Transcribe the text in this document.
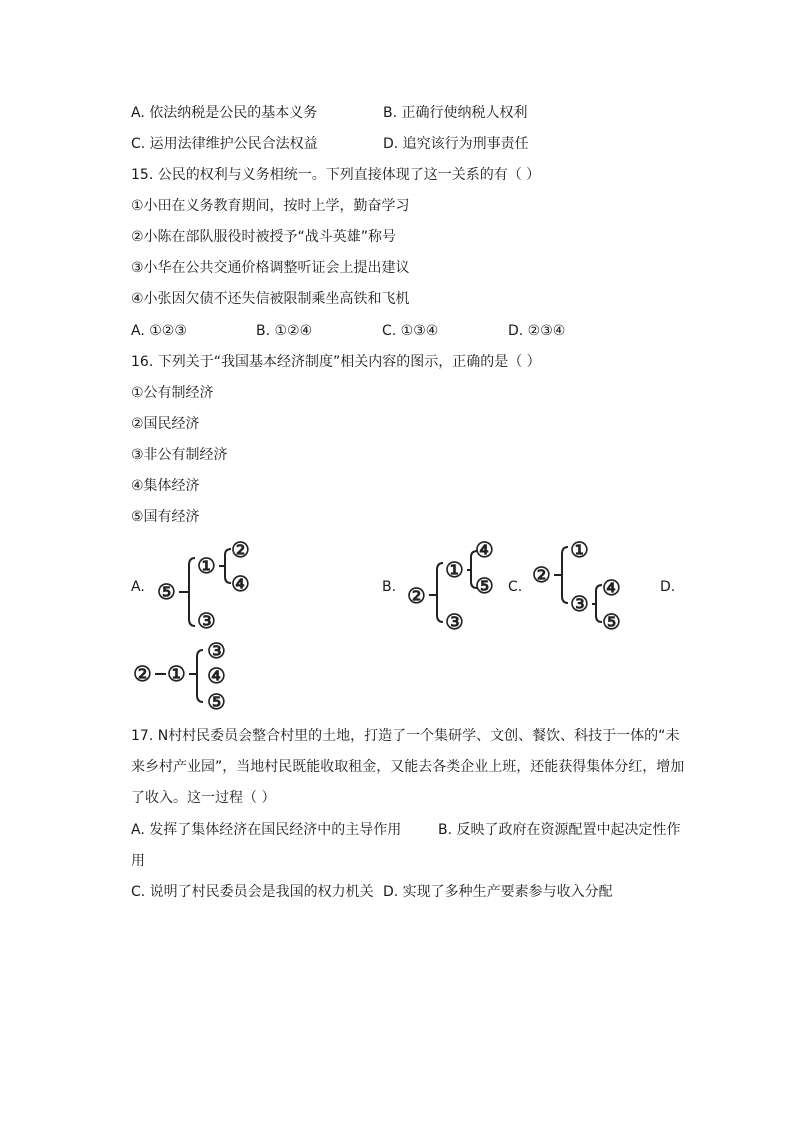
A. 依法纳税是公民的基本义务	B. 正确行使纳税人权利
C. 运用法律维护公民合法权益	D. 追究该行为刑事责任
15. 公民的权利与义务相统一。下列直接体现了这一关系的有（ ）
①小田在义务教育期间，按时上学，勤奋学习
②小陈在部队服役时被授予“战斗英雄”称号
③小华在公共交通价格调整听证会上提出建议
④小张因欠债不还失信被限制乘坐高铁和飞机
A. ①②③	B. ①②④	C. ①③④	D. ②③④
16. 下列关于“我国基本经济制度”相关内容的图示，正确的是（ ）
①公有制经济
②国民经济
③非公有制经济
④集体经济
⑤国有经济
A.	B.	C.	D.
⑤
①
②
④
③
②
①
④
⑤
③
②
①
③
④
⑤
② ①
③
④
⑤
17. N村村民委员会整合村里的土地，打造了一个集研学、文创、餐饮、科技于一体的“未
来乡村产业园”，当地村民既能收取租金，又能去各类企业上班，还能获得集体分红，增加
了收入。这一过程（ ）
A. 发挥了集体经济在国民经济中的主导作用	B. 反映了政府在资源配置中起决定性作
用
C. 说明了村民委员会是我国的权力机关 D. 实现了多种生产要素参与收入分配
